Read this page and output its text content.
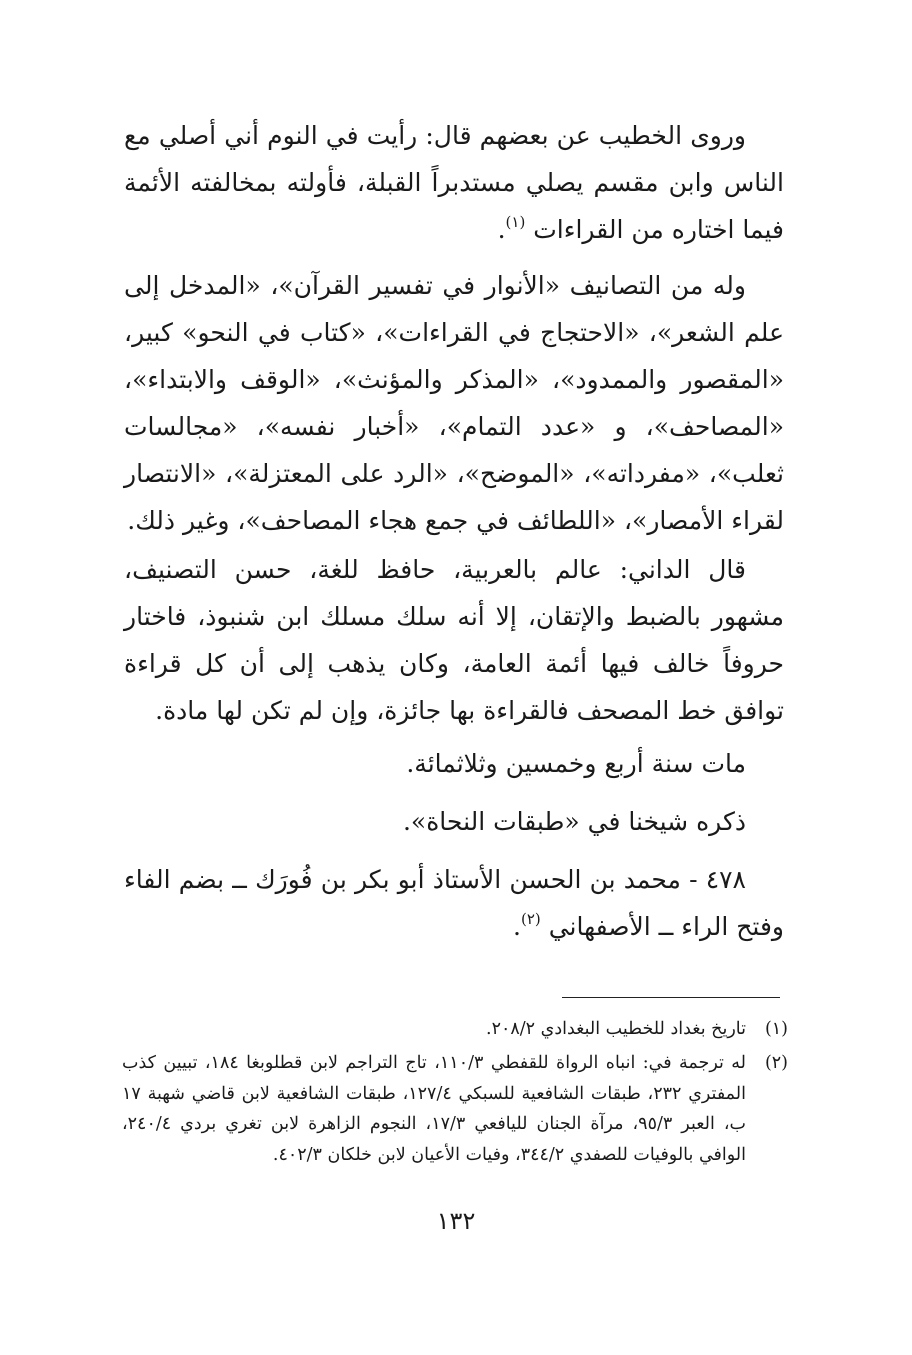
وروى الخطيب عن بعضهم قال: رأيت في النوم أني أصلي مع الناس وابن مقسم يصلي مستدبراً القبلة، فأولته بمخالفته الأئمة فيما اختاره من القراءات $^{(١)}$.

وله من التصانيف «الأنوار في تفسير القرآن»، «المدخل إلى علم الشعر»، «الاحتجاج في القراءات»، «كتاب في النحو» كبير، «المقصور والممدود»، «المذكر والمؤنث»، «الوقف والابتداء»، «المصاحف»، و «عدد التمام»، «أخبار نفسه»، «مجالسات ثعلب»، «مفرداته»، «الموضح»، «الرد على المعتزلة»، «الانتصار لقراء الأمصار»، «اللطائف في جمع هجاء المصاحف»، وغير ذلك.

قال الداني: عالم بالعربية، حافظ للغة، حسن التصنيف، مشهور بالضبط والإتقان، إلا أنه سلك مسلك ابن شنبوذ، فاختار حروفاً خالف فيها أئمة العامة، وكان يذهب إلى أن كل قراءة توافق خط المصحف فالقراءة بها جائزة، وإن لم تكن لها مادة.

مات سنة أربع وخمسين وثلاثمائة.

ذكره شيخنا في «طبقات النحاة».

٤٧٨ - محمد بن الحسن الأستاذ أبو بكر بن فُورَك ــ بضم الفاء وفتح الراء ــ الأصفهاني $^{(٢)}$.

(١)
تاريخ بغداد للخطيب البغدادي ٢٠٨/٢.
(٢)
له ترجمة في: انباه الرواة للقفطي ١١٠/٣، تاج التراجم لابن قطلوبغا ١٨٤، تبيين كذب المفتري ٢٣٢، طبقات الشافعية للسبكي ١٢٧/٤، طبقات الشافعية لابن قاضي شهبة ١٧ ب، العبر ٩٥/٣، مرآة الجنان لليافعي ١٧/٣، النجوم الزاهرة لابن تغري بردي ٢٤٠/٤، الوافي بالوفيات للصفدي ٣٤٤/٢، وفيات الأعيان لابن خلكان ٤٠٢/٣.
١٣٢
